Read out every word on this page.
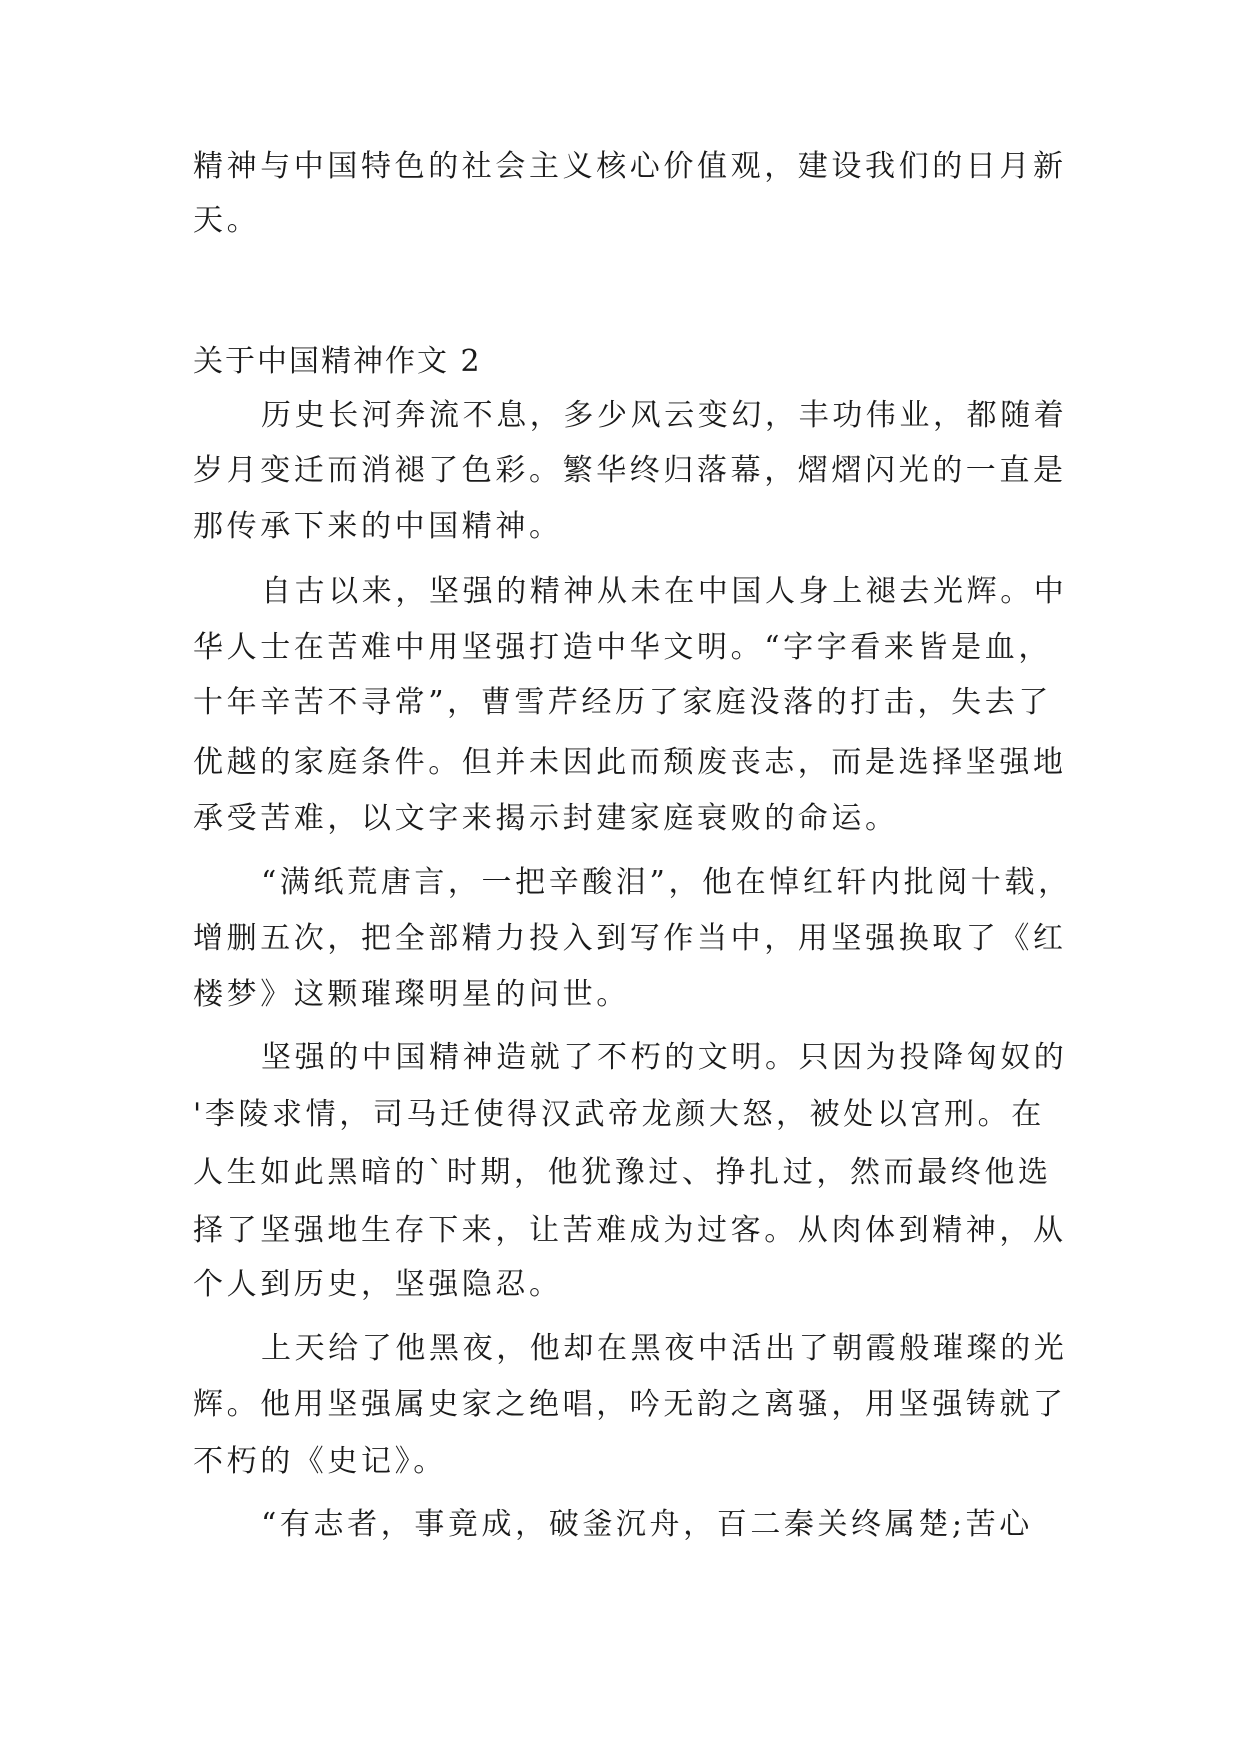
精神与中国特色的社会主义核心价值观，建设我们的日月新
天。
关于中国精神作文 2
历史长河奔流不息，多少风云变幻，丰功伟业，都随着
岁月变迁而消褪了色彩。繁华终归落幕，熠熠闪光的一直是
那传承下来的中国精神。
自古以来，坚强的精神从未在中国人身上褪去光辉。中
华人士在苦难中用坚强打造中华文明。“字字看来皆是血，
十年辛苦不寻常”，曹雪芹经历了家庭没落的打击，失去了
优越的家庭条件。但并未因此而颓废丧志，而是选择坚强地
承受苦难，以文字来揭示封建家庭衰败的命运。
“满纸荒唐言，一把辛酸泪”，他在悼红轩内批阅十载，
增删五次，把全部精力投入到写作当中，用坚强换取了《红
楼梦》这颗璀璨明星的问世。
坚强的中国精神造就了不朽的文明。只因为投降匈奴的
'李陵求情，司马迁使得汉武帝龙颜大怒，被处以宫刑。在
人生如此黑暗的`时期，他犹豫过、挣扎过，然而最终他选
择了坚强地生存下来，让苦难成为过客。从肉体到精神，从
个人到历史，坚强隐忍。
上天给了他黑夜，他却在黑夜中活出了朝霞般璀璨的光
辉。他用坚强属史家之绝唱，吟无韵之离骚，用坚强铸就了
不朽的《史记》。
“有志者，事竟成，破釜沉舟，百二秦关终属楚;苦心
